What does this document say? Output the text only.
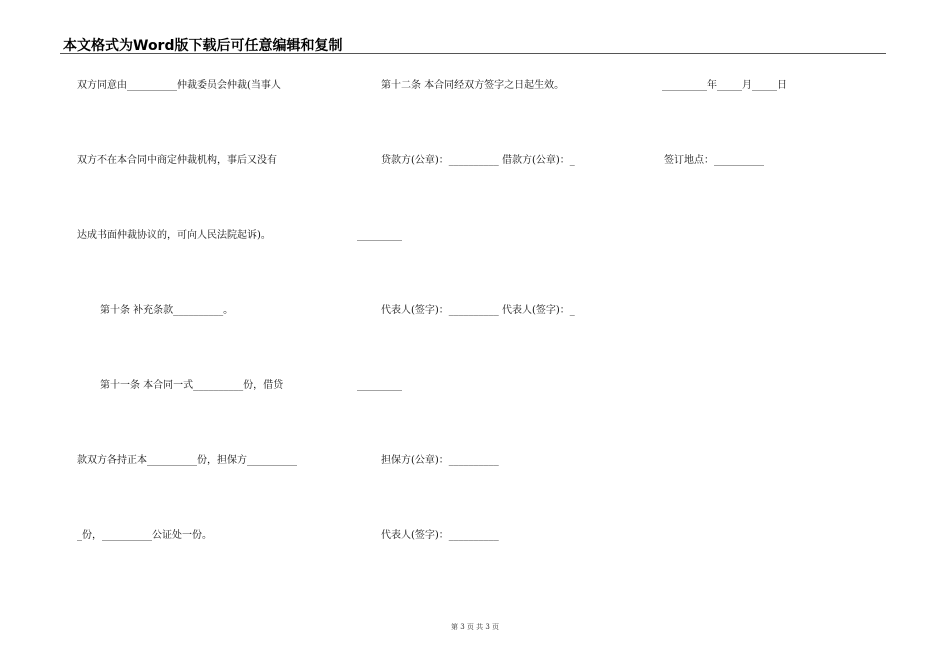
本文格式为Word版下载后可任意编辑和复制
双方同意由__________仲裁委员会仲裁(当事人
双方不在本合同中商定仲裁机构，事后又没有
达成书面仲裁协议的，可向人民法院起诉)。
第十条 补充条款__________。
第十一条 本合同一式__________份，借贷
款双方各持正本__________份，担保方__________
_份，__________公证处一份。
第十二条 本合同经双方签字之日起生效。
贷款方(公章)：__________ 借款方(公章)：_
_________
代表人(签字)：__________ 代表人(签字)：_
_________
担保方(公章)：__________
代表人(签字)：__________
_________年_____月_____日
签订地点：__________
第 3 页 共 3 页
